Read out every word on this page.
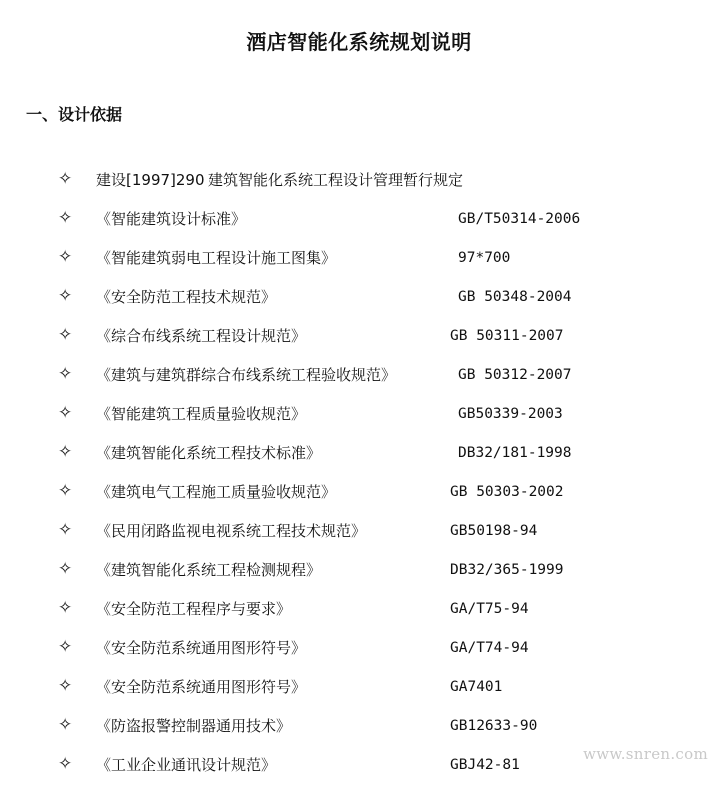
酒店智能化系统规划说明
一、设计依据
✧ 建设[1997]290 建筑智能化系统工程设计管理暂行规定
✧ 《智能建筑设计标准》	GB/T50314-2006
✧ 《智能建筑弱电工程设计施工图集》	97*700
✧ 《安全防范工程技术规范》	GB 50348-2004
✧ 《综合布线系统工程设计规范》	GB 50311-2007
✧ 《建筑与建筑群综合布线系统工程验收规范》	GB 50312-2007
✧ 《智能建筑工程质量验收规范》	GB50339-2003
✧ 《建筑智能化系统工程技术标准》	DB32/181-1998
✧ 《建筑电气工程施工质量验收规范》	GB 50303-2002
✧ 《民用闭路监视电视系统工程技术规范》	GB50198-94
✧ 《建筑智能化系统工程检测规程》	DB32/365-1999
✧ 《安全防范工程程序与要求》	GA/T75-94
✧ 《安全防范系统通用图形符号》	GA/T74-94
✧ 《安全防范系统通用图形符号》	GA7401
✧ 《防盗报警控制器通用技术》	GB12633-90
✧ 《工业企业通讯设计规范》	GBJ42-81
www.snren.com
